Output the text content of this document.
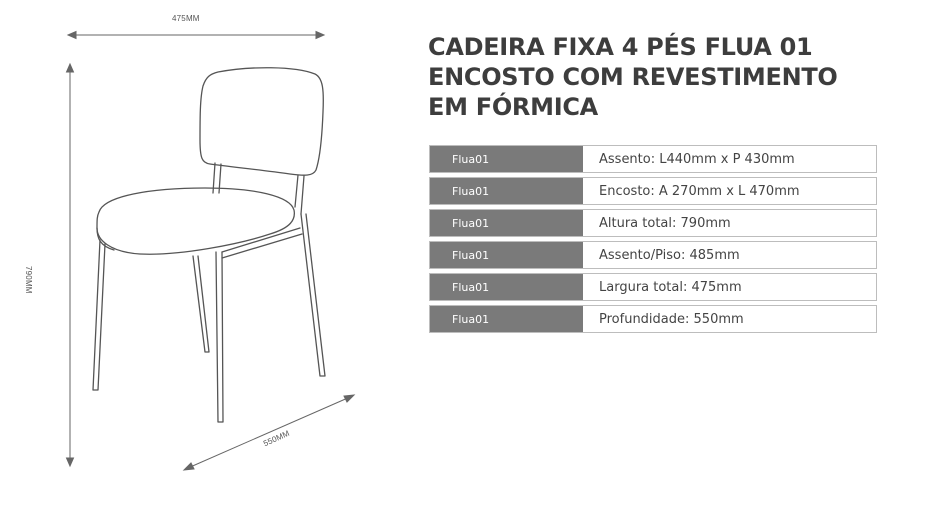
475MM
790MM
550MM
CADEIRA FIXA 4 PÉS FLUA 01
ENCOSTO COM REVESTIMENTO
EM FÓRMICA
Flua01	Assento: L440mm x P 430mm
Flua01	Encosto: A 270mm x L 470mm
Flua01	Altura total: 790mm
Flua01	Assento/Piso: 485mm
Flua01	Largura total: 475mm
Flua01	Profundidade: 550mm
